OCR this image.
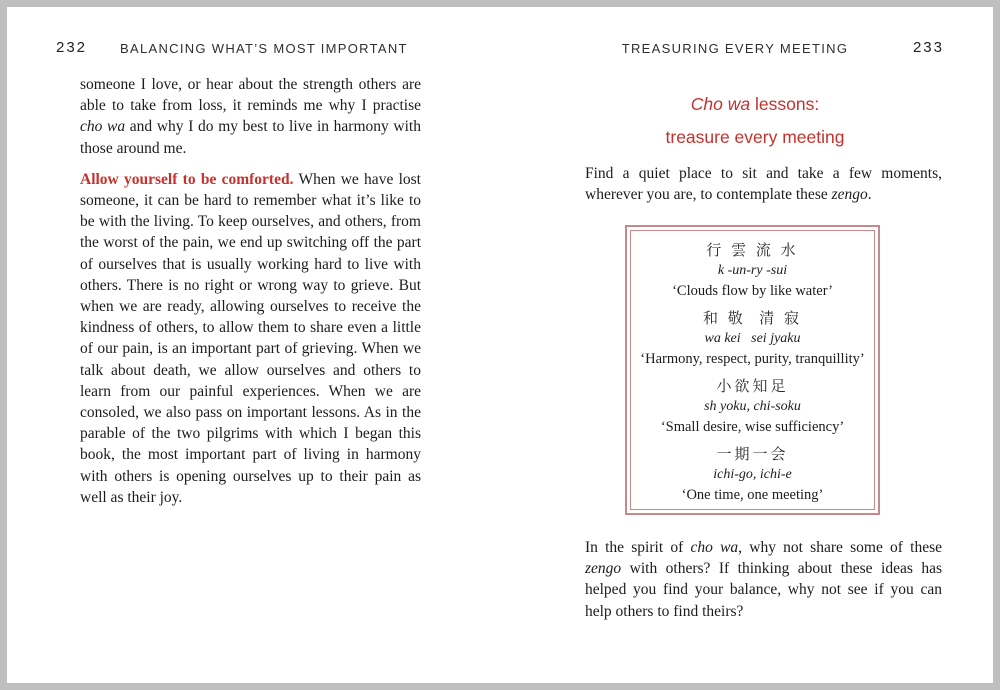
232	BALANCING WHAT’S MOST IMPORTANT

someone I love, or hear about the strength others are able to take from loss, it reminds me why I practise cho wa and why I do my best to live in harmony with those around me.

Allow yourself to be comforted. When we have lost someone, it can be hard to remember what it’s like to be with the living. To keep ourselves, and others, from the worst of the pain, we end up switching off the part of ourselves that is usually working hard to live with others. There is no right or wrong way to grieve. But when we are ready, allowing ourselves to receive the kindness of others, to allow them to share even a little of our pain, is an important part of grieving. When we talk about death, we allow ourselves and others to learn from our painful experiences. When we are consoled, we also pass on important lessons. As in the parable of the two pilgrims with which I began this book, the most important part of living in harmony with others is opening ourselves up to their pain as well as their joy.

TREASURING EVERY MEETING	233
Cho wa lessons:
treasure every meeting
Find a quiet place to sit and take a few moments, wherever you are, to contemplate these zengo.
行 雲 流 水
k -un-ry -sui
‘Clouds flow by like water’
和 敬  清 寂
wa kei   sei jyaku
‘Harmony, respect, purity, tranquillity’
小欲知足
sh yoku, chi-soku
‘Small desire, wise sufficiency’
一期一会
ichi-go, ichi-e
‘One time, one meeting’
In the spirit of cho wa, why not share some of these zengo with others? If thinking about these ideas has helped you find your balance, why not see if you can help others to find theirs?
